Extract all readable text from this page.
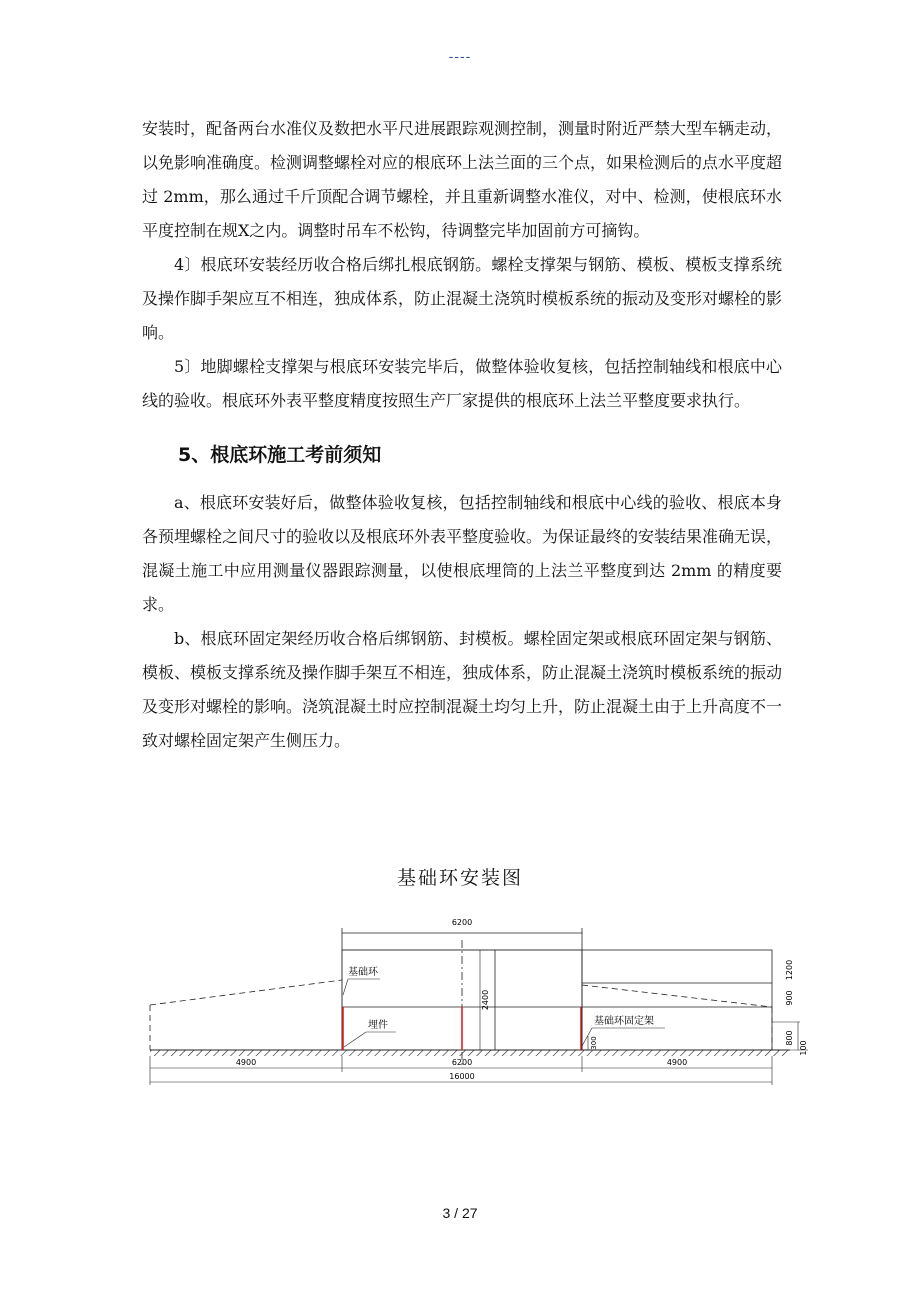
----

安装时，配备两台水准仪及数把水平尺进展跟踪观测控制，测量时附近严禁大型车辆走动，以免影响准确度。检测调整螺栓对应的根底环上法兰面的三个点，如果检测后的点水平度超过 2mm，那么通过千斤顶配合调节螺栓，并且重新调整水准仪，对中、检测，使根底环水平度控制在规Ⅹ之内。调整时吊车不松钩，待调整完毕加固前方可摘钩。

4〕根底环安装经历收合格后绑扎根底钢筋。螺栓支撑架与钢筋、模板、模板支撑系统及操作脚手架应互不相连，独成体系，防止混凝土浇筑时模板系统的振动及变形对螺栓的影响。

5〕地脚螺栓支撑架与根底环安装完毕后，做整体验收复核，包括控制轴线和根底中心线的验收。根底环外表平整度精度按照生产厂家提供的根底环上法兰平整度要求执行。

5、根底环施工考前须知

a、根底环安装好后，做整体验收复核，包括控制轴线和根底中心线的验收、根底本身各预埋螺栓之间尺寸的验收以及根底环外表平整度验收。为保证最终的安装结果准确无误，混凝土施工中应用测量仪器跟踪测量，以使根底埋筒的上法兰平整度到达 2mm 的精度要求。

b、根底环固定架经历收合格后绑钢筋、封模板。螺栓固定架或根底环固定架与钢筋、模板、模板支撑系统及操作脚手架互不相连，独成体系，防止混凝土浇筑时模板系统的振动及变形对螺栓的影响。浇筑混凝土时应控制混凝土均匀上升，防止混凝土由于上升高度不一致对螺栓固定架产生侧压力。

基础环安装图
6200
2400
1200
900
800
100
300
基础环
埋件	基础环固定架
4900	6200	4900
16000
3 / 27
